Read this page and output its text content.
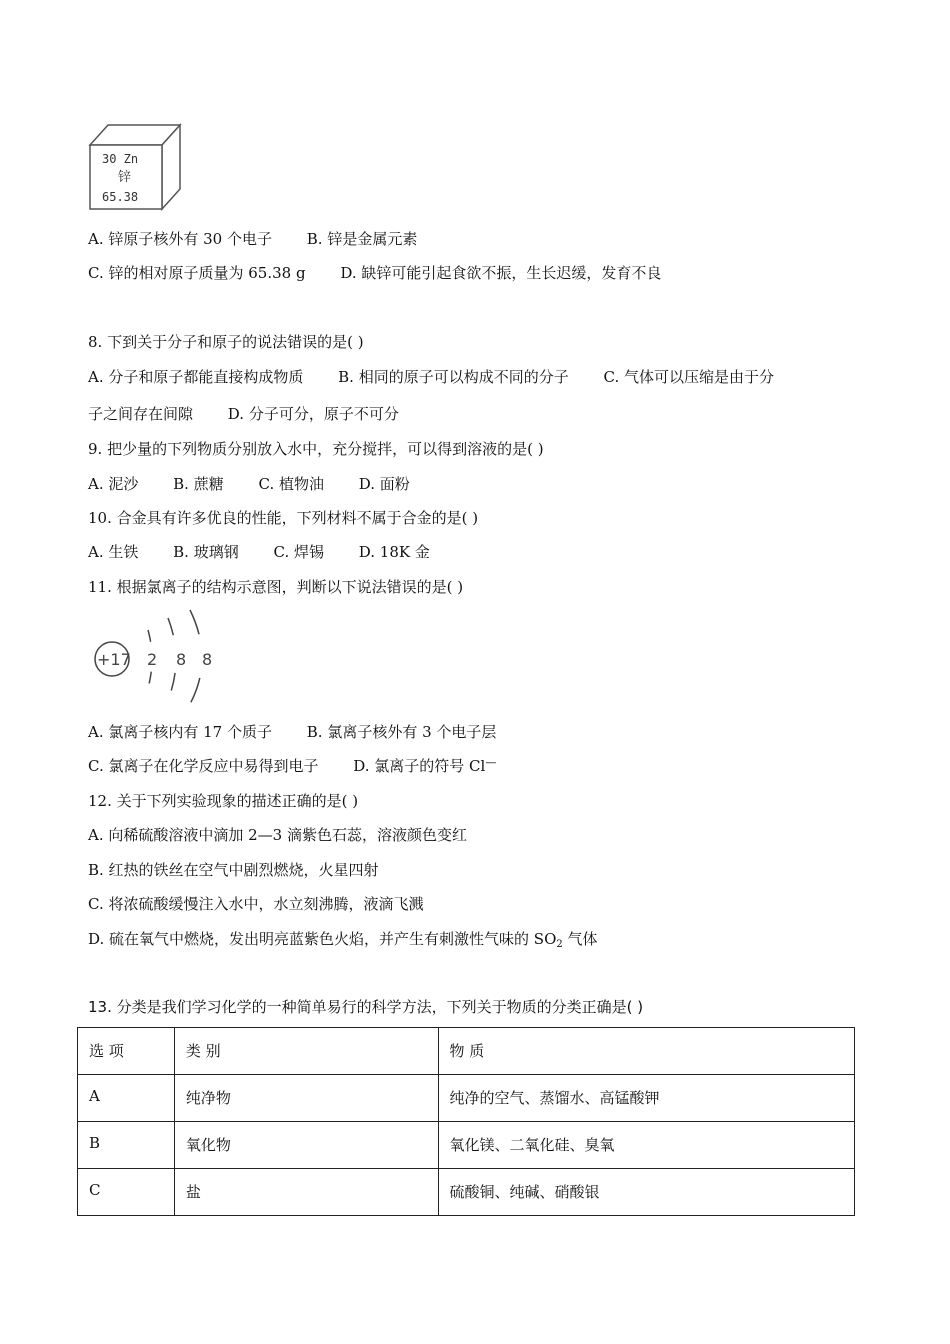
30 Zn
锌
65.38
A. 锌原子核外有 30 个电子 B. 锌是金属元素
C. 锌的相对原子质量为 65.38 g D. 缺锌可能引起食欲不振，生长迟缓，发育不良
8. 下到关于分子和原子的说法错误的是( )
A. 分子和原子都能直接构成物质 B. 相同的原子可以构成不同的分子 C. 气体可以压缩是由于分
子之间存在间隙 D. 分子可分，原子不可分
9. 把少量的下列物质分别放入水中，充分搅拌，可以得到溶液的是( )
A. 泥沙 B. 蔗糖 C. 植物油 D. 面粉
10. 合金具有许多优良的性能，下列材料不属于合金的是( )
A. 生铁 B. 玻璃钢 C. 焊锡 D. 18K 金
11. 根据氯离子的结构示意图，判断以下说法错误的是( )
+17 2 8 8
A. 氯离子核内有 17 个质子 B. 氯离子核外有 3 个电子层
C. 氯离子在化学反应中易得到电子 D. 氯离子的符号 Cl—
12. 关于下列实验现象的描述正确的是( )
A. 向稀硫酸溶液中滴加 2—3 滴紫色石蕊，溶液颜色变红
B. 红热的铁丝在空气中剧烈燃烧，火星四射
C. 将浓硫酸缓慢注入水中，水立刻沸腾，液滴飞溅
D. 硫在氧气中燃烧，发出明亮蓝紫色火焰，并产生有刺激性气味的 $SO_2$ 气体
13. 分类是我们学习化学的一种简单易行的科学方法，下列关于物质的分类正确是( )
选 项	类 别	物 质
A	纯净物	纯净的空气、蒸馏水、高锰酸钾
B	氧化物	氧化镁、二氧化硅、臭氧
C	盐	硫酸铜、纯碱、硝酸银
